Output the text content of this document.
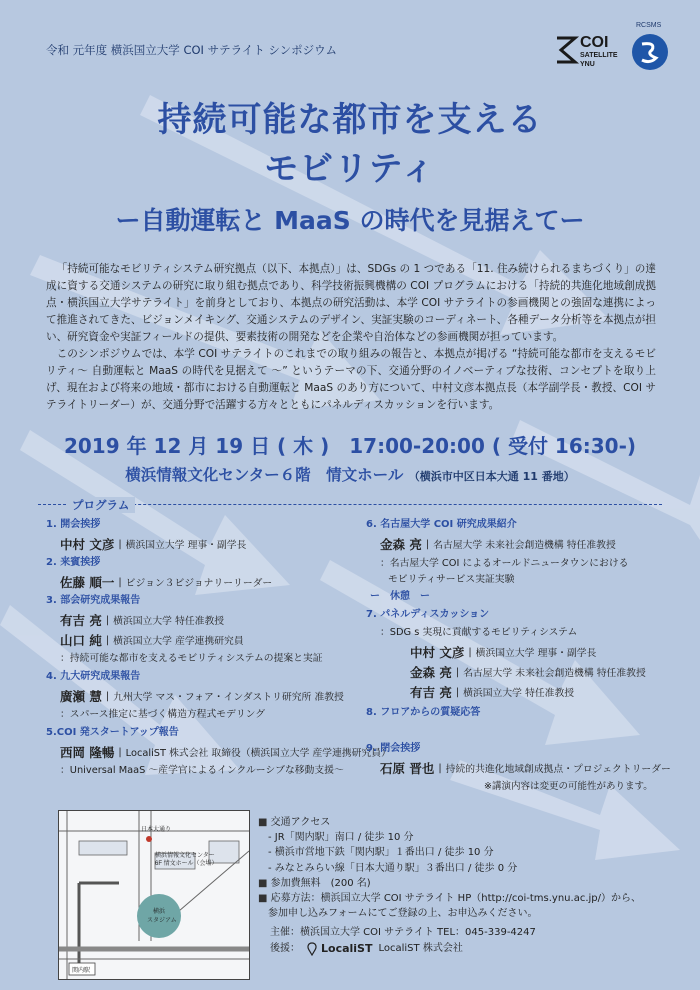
令和 元年度 横浜国立大学 COI サテライト シンポジウム	COI
SATELLITE
YNU
RCSMS
持続可能な都市を支える
モビリティ
ー自動運転と MaaS の時代を見据えてー

「持続可能なモビリティシステム研究拠点（以下、本拠点）」は、SDGs の 1 つである「11. 住み続けられるまちづくり」の達成に資する交通システムの研究に取り組む拠点であり、科学技術振興機構の COI プログラムにおける「持続的共進化地域創成拠点・横浜国立大学サテライト」を前身としており、本拠点の研究活動は、本学 COI サテライトの参画機関との強固な連携によって推進されてきた、ビジョンメイキング、交通システムのデザイン、実証実験のコーディネート、各種データ分析等を本拠点が担い、研究資金や実証フィールドの提供、要素技術の開発などを企業や自治体などの参画機関が担っています。

このシンポジウムでは、本学 COI サテライトのこれまでの取り組みの報告と、本拠点が掲げる “持続可能な都市を支えるモビリティ～ 自動運転と MaaS の時代を見据えて ～” というテーマの下、交通分野のイノベーティブな技術、コンセプトを取り上げ、現在および将来の地域・都市における自動運転と MaaS のあり方について、中村文彦本拠点長（本学副学長・教授、COI サテライトリーダー）が、交通分野で活躍する方々とともにパネルディスカッションを行います。

2019 年 12 月 19 日 ( 木 )　17:00-20:00 ( 受付 16:30-)
横浜情報文化センター６階　情文ホール （横浜市中区日本大通 11 番地）
プログラム
1. 開会挨拶
中村 文彦 | 横浜国立大学 理事・副学長
2. 来賓挨拶
佐藤 順一 | ビジョン３ビジョナリーリーダー
3. 部会研究成果報告
有吉 亮 | 横浜国立大学 特任准教授
山口 純 | 横浜国立大学 産学連携研究員
：持続可能な都市を支えるモビリティシステムの提案と実証
4. 九大研究成果報告
廣瀬 慧 | 九州大学 マス・フォア・インダストリ研究所 准教授
：スパース推定に基づく構造方程式モデリング
5.COI 発スタートアップ報告
西岡 隆暢 | LocaliST 株式会社 取締役（横浜国立大学 産学連携研究員）
：Universal MaaS ～産学官によるインクルーシブな移動支援～
6. 名古屋大学 COI 研究成果紹介
金森 亮 | 名古屋大学 未来社会創造機構 特任准教授
：名古屋大学 COI によるオールドニュータウンにおける
モビリティサービス実証実験
ー　休憩　ー
7. パネルディスカッション
：SDG s 実現に貢献するモビリティシステム
中村 文彦 | 横浜国立大学 理事・副学長
金森 亮 | 名古屋大学 未来社会創造機構 特任准教授
有吉 亮 | 横浜国立大学 特任准教授
8. フロアからの質疑応答
9. 閉会挨拶
石原 晋也 | 持続的共進化地域創成拠点・プロジェクトリーダー
※講演内容は変更の可能性があります。
日本大通り
横浜情報文化センター
6F 情文ホール（会場）
横浜
スタジアム
関内駅
■ 交通アクセス
- JR「関内駅」南口 / 徒歩 10 分
- 横浜市営地下鉄「関内駅」１番出口 / 徒歩 10 分
- みなとみらい線「日本大通り駅」３番出口 / 徒歩 0 分
■ 参加費無料　(200 名)
■ 応募方法：横浜国立大学 COI サテライト HP（http://coi-tms.ynu.ac.jp/）から、
参加申し込みフォームにてご登録の上、お申込みください。
主催：横浜国立大学 COI サテライト TEL：045-339-4247
後援： LocaliST LocaliST 株式会社
